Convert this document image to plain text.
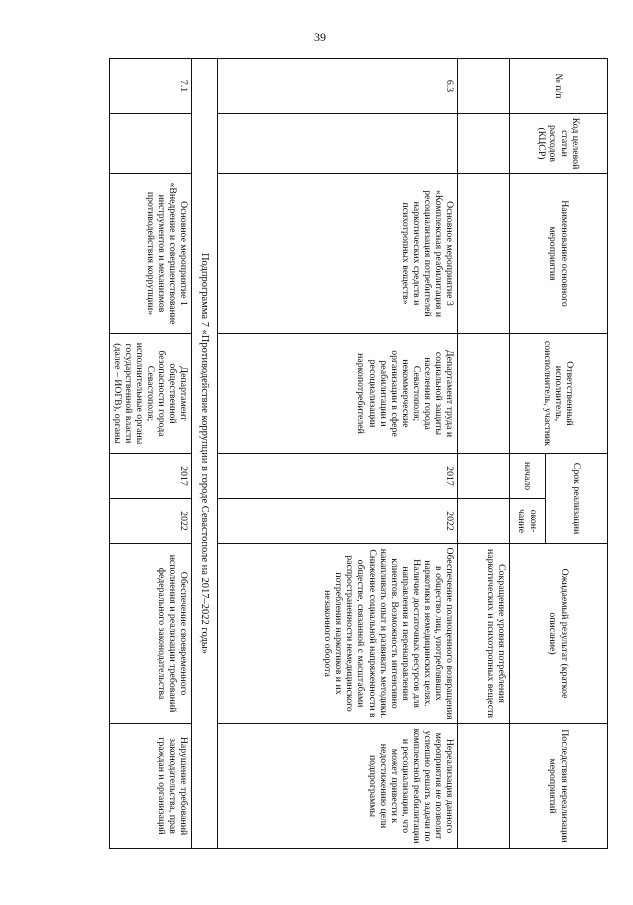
39
№ п/п	Код целевой статьи расходов (КЦСР)	Наименование основного мероприятия	Ответственный исполнитель, соисполнитель, участник	Срок реализации		Ожидаемый результат (краткое описание)	Последствия нереализации мероприятий
				начало	окон-чание		
						Сокращение уровня потребления наркотических и психотропных веществ	
6.3		Основное мероприятие 3 «Комплексная реабилитация и ресоциализация потребителей наркотических средств и психотропных веществ»	Департамент труда и социальной защиты населения города Севастополя; некоммерческие организации в сфере реабилитации и ресоциализации наркопотребителей	2017	2022	Обеспечение полноценного возвращения в общество лиц, употреблявших наркотики в немедицинских целях. Наличие достаточных ресурсов для направления и перенаправления клиентов. Возможность интенсивно накапливать опыт и развивать методики. Снижение социальной напряженности в обществе, связанной с масштабами распространенности немедицинского потребления наркотиков и их незаконного оборота	Нереализация данного мероприятия не позволит успешно решать задачи по комплексной реабилитации и ресоциализации, что может привести к недостижению цели подпрограммы
Подпрограмма 7 «Противодействие коррупции в городе Севастополе на 2017–2022 годы»							
7.1		Основное мероприятие 1 «Внедрение и совершенствование инструментов и механизмов противодействия коррупции»	Департамент общественной безопасности города Севастополя; исполнительные органы государственной власти (далее – ИОГВ), органы	2017	2022	Обеспечение своевременного исполнения и реализации требований федерального законодательства	Нарушение требований законодательства, прав граждан и организаций
